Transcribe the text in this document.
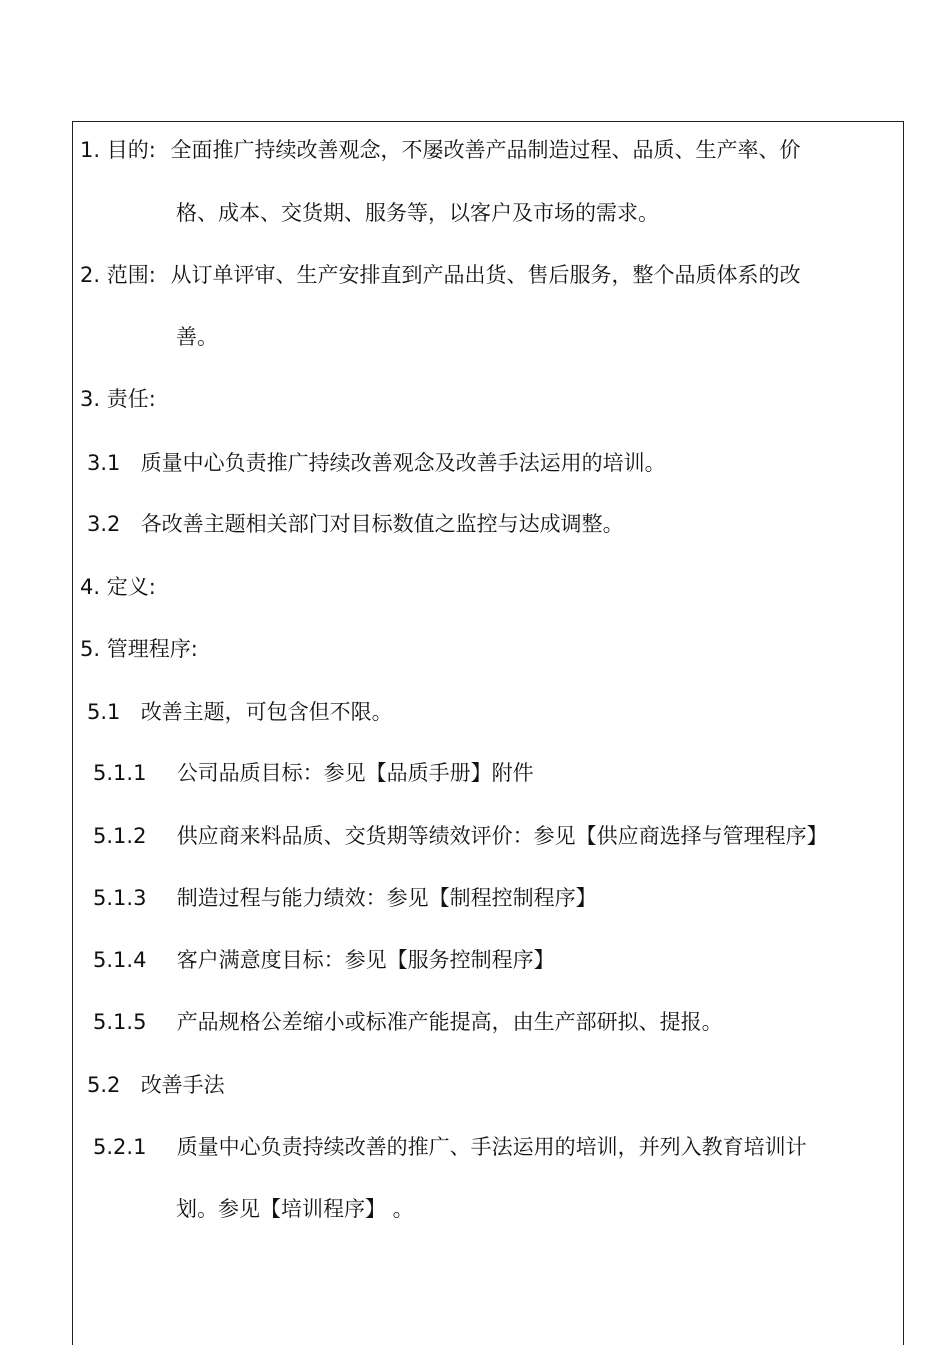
1. 目的: 全面推广持续改善观念，不屡改善产品制造过程、品质、生产率、价
格、成本、交货期、服务等，以客户及市场的需求。
2. 范围: 从订单评审、生产安排直到产品出货、售后服务，整个品质体系的改
善。
3. 责任:
3.1 质量中心负责推广持续改善观念及改善手法运用的培训。
3.2 各改善主题相关部门对目标数值之监控与达成调整。
4. 定义:
5. 管理程序:
5.1 改善主题，可包含但不限。
5.1.1 公司品质目标：参见【品质手册】附件
5.1.2 供应商来料品质、交货期等绩效评价：参见【供应商选择与管理程序】
5.1.3 制造过程与能力绩效：参见【制程控制程序】
5.1.4 客户满意度目标：参见【服务控制程序】
5.1.5 产品规格公差缩小或标准产能提高，由生产部研拟、提报。
5.2 改善手法
5.2.1 质量中心负责持续改善的推广、手法运用的培训，并列入教育培训计
划。参见【培训程序】 。
